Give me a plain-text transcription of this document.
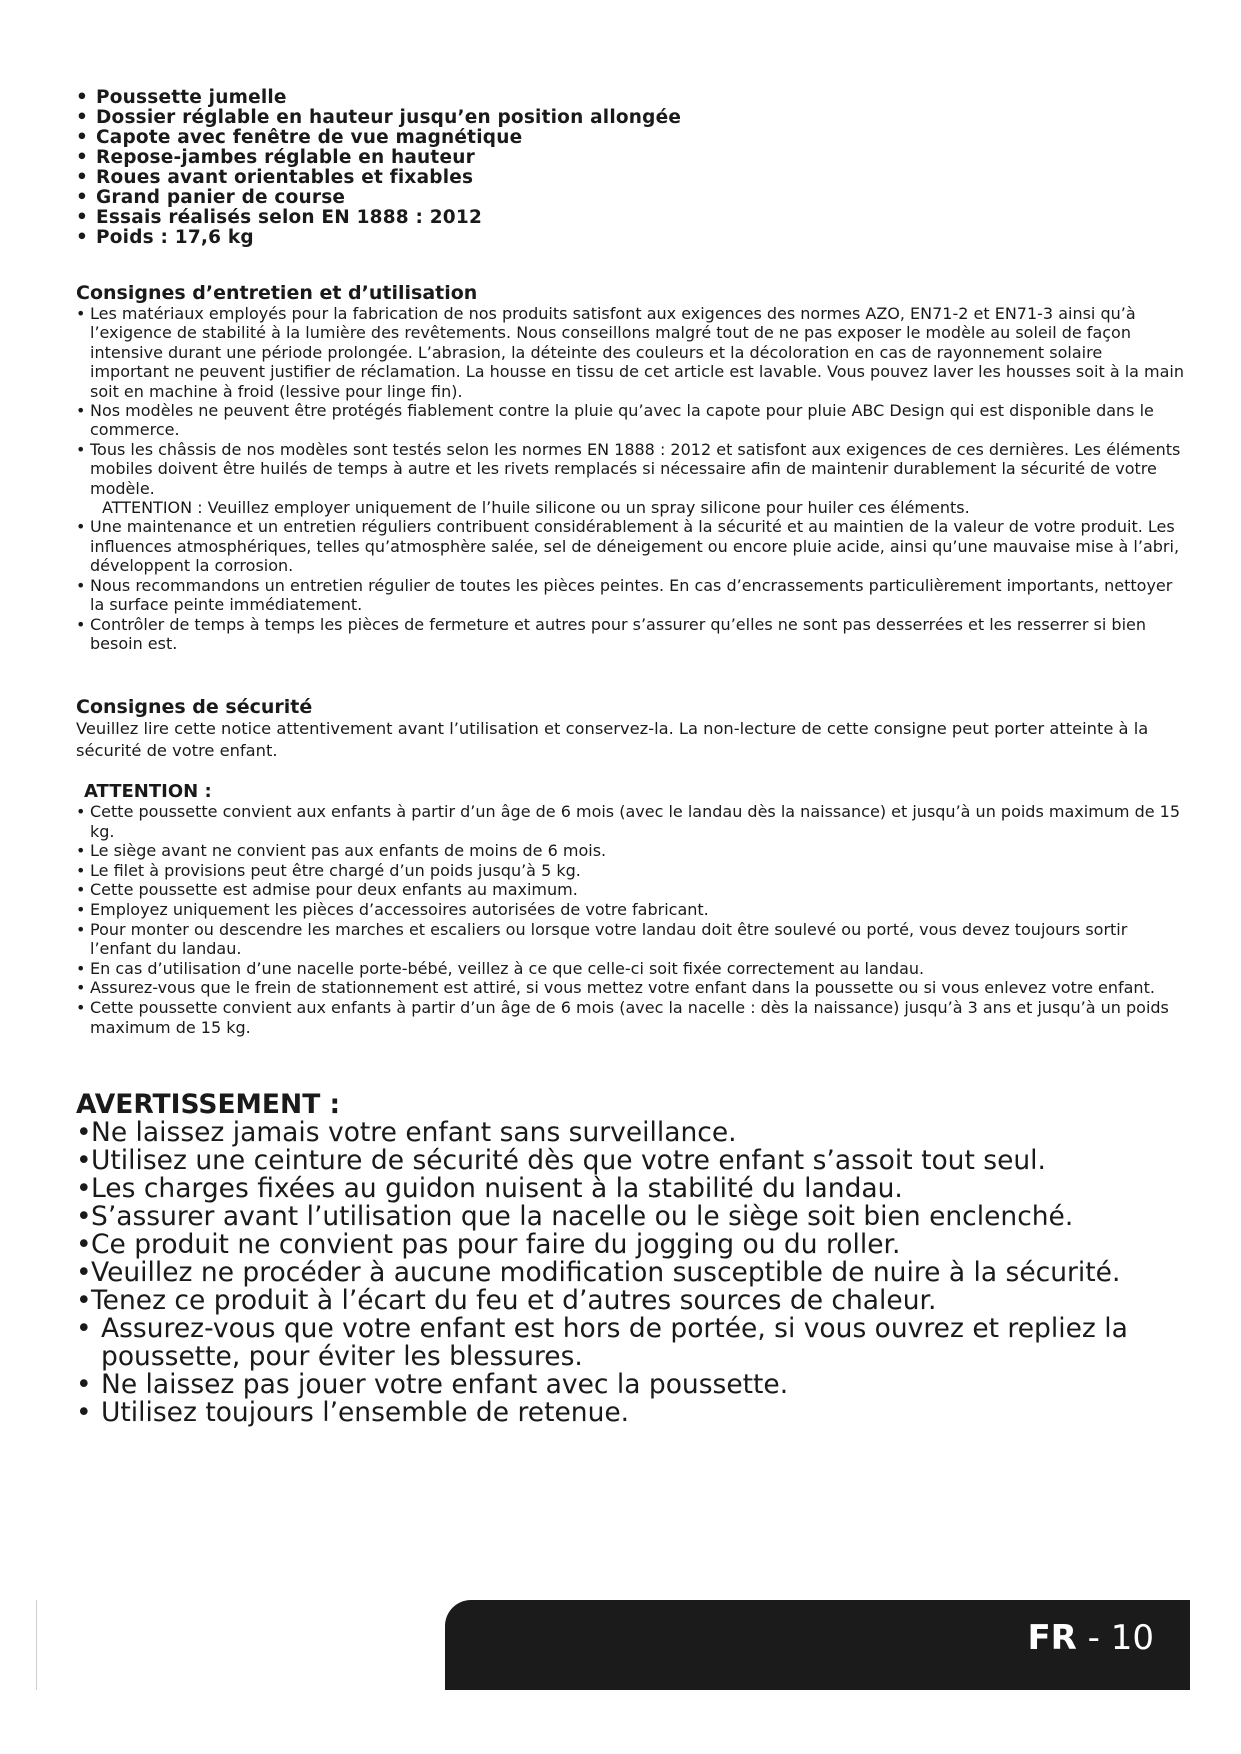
• Poussette jumelle
• Dossier réglable en hauteur jusqu’en position allongée
• Capote avec fenêtre de vue magnétique
• Repose-jambes réglable en hauteur
• Roues avant orientables et fixables
• Grand panier de course
• Essais réalisés selon EN 1888 : 2012
• Poids : 17,6 kg
Consignes d’entretien et d’utilisation
• Les matériaux employés pour la fabrication de nos produits satisfont aux exigences des normes AZO, EN71-2 et EN71-3 ainsi qu’à l’exigence de stabilité à la lumière des revêtements. Nous conseillons malgré tout de ne pas exposer le modèle au soleil de façon intensive durant une période prolongée. L’abrasion, la déteinte des couleurs et la décoloration en cas de rayonnement solaire important ne peuvent justifier de réclamation. La housse en tissu de cet article est lavable. Vous pouvez laver les housses soit à la main soit en machine à froid (lessive pour linge fin).
• Nos modèles ne peuvent être protégés fiablement contre la pluie qu’avec la capote pour pluie ABC Design qui est disponible dans le commerce.
• Tous les châssis de nos modèles sont testés selon les normes EN 1888 : 2012 et satisfont aux exigences de ces dernières. Les éléments mobiles doivent être huilés de temps à autre et les rivets remplacés si nécessaire afin de maintenir durablement la sécurité de votre modèle.
ATTENTION : Veuillez employer uniquement de l’huile silicone ou un spray silicone pour huiler ces éléments.
• Une maintenance et un entretien réguliers contribuent considérablement à la sécurité et au maintien de la valeur de votre produit. Les influences atmosphériques, telles qu’atmosphère salée, sel de déneigement ou encore pluie acide, ainsi qu’une mauvaise mise à l’abri, développent la corrosion.
• Nous recommandons un entretien régulier de toutes les pièces peintes. En cas d’encrassements particulièrement importants, nettoyer la surface peinte immédiatement.
• Contrôler de temps à temps les pièces de fermeture et autres pour s’assurer qu’elles ne sont pas desserrées et les resserrer si bien besoin est.
Consignes de sécurité

Veuillez lire cette notice attentivement avant l’utilisation et conservez-la. La non-lecture de cette consigne peut porter atteinte à la sécurité de votre enfant.

ATTENTION :
• Cette poussette convient aux enfants à partir d’un âge de 6 mois (avec le landau dès la naissance) et jusqu’à un poids maximum de 15 kg.
• Le siège avant ne convient pas aux enfants de moins de 6 mois.
• Le filet à provisions peut être chargé d’un poids jusqu’à 5 kg.
• Cette poussette est admise pour deux enfants au maximum.
• Employez uniquement les pièces d’accessoires autorisées de votre fabricant.
• Pour monter ou descendre les marches et escaliers ou lorsque votre landau doit être soulevé ou porté, vous devez toujours sortir l’enfant du landau.
• En cas d’utilisation d’une nacelle porte-bébé, veillez à ce que celle-ci soit fixée correctement au landau.
• Assurez-vous que le frein de stationnement est attiré, si vous mettez votre enfant dans la poussette ou si vous enlevez votre enfant.
• Cette poussette convient aux enfants à partir d’un âge de 6 mois (avec la nacelle : dès la naissance) jusqu’à 3 ans et jusqu’à un poids maximum de 15 kg.
AVERTISSEMENT :
• Ne laissez jamais votre enfant sans surveillance.
• Utilisez une ceinture de sécurité dès que votre enfant s’assoit tout seul.
• Les charges fixées au guidon nuisent à la stabilité du landau.
• S’assurer avant l’utilisation que la nacelle ou le siège soit bien enclenché.
• Ce produit ne convient pas pour faire du jogging ou du roller.
• Veuillez ne procéder à aucune modification susceptible de nuire à la sécurité.
• Tenez ce produit à l’écart du feu et d’autres sources de chaleur.
• Assurez-vous que votre enfant est hors de portée, si vous ouvrez et repliez la poussette, pour éviter les blessures.
• Ne laissez pas jouer votre enfant avec la poussette.
• Utilisez toujours l’ensemble de retenue.
FR - 10
